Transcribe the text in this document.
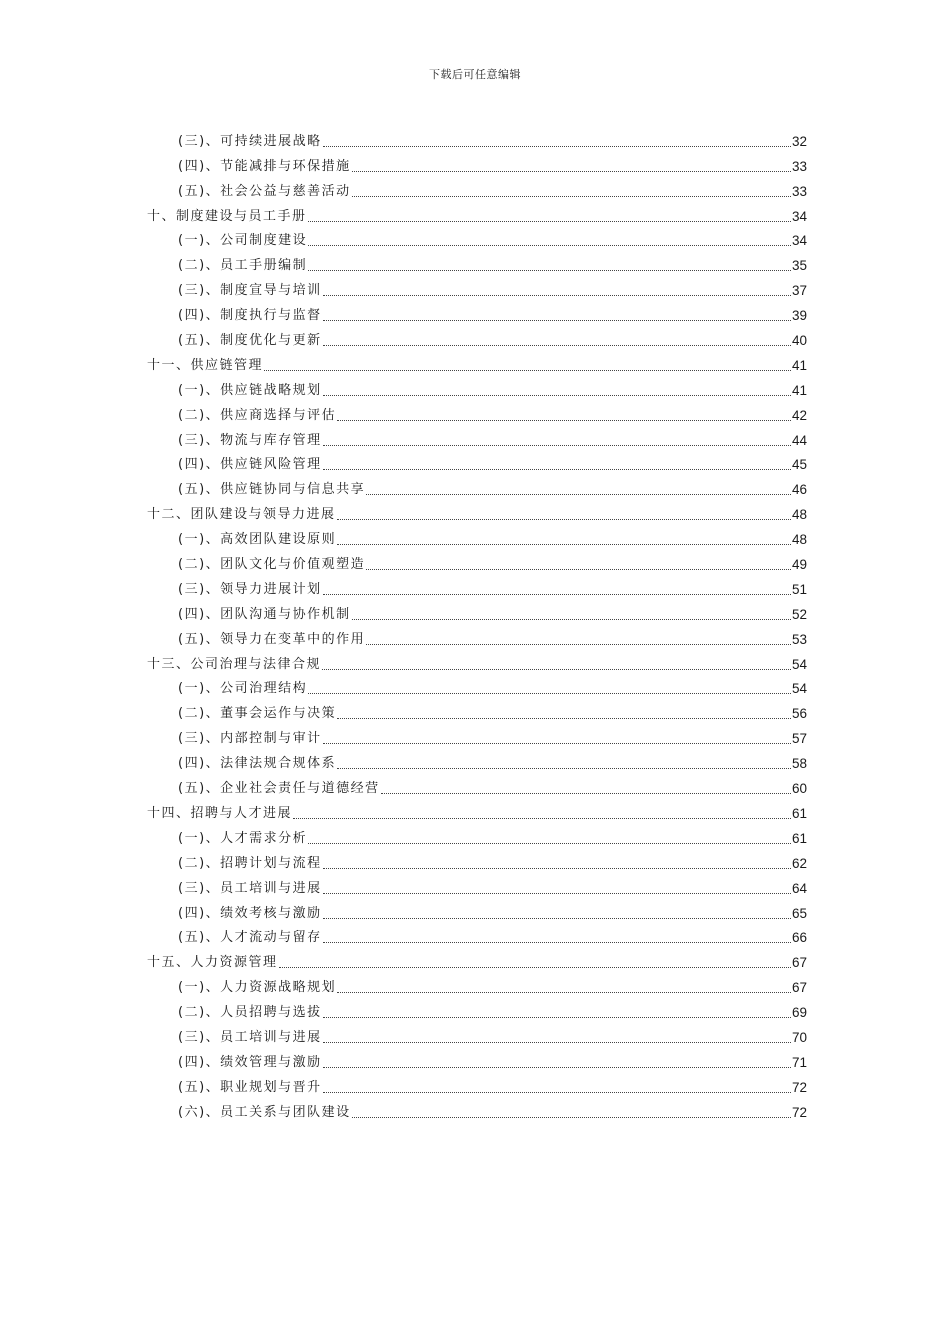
下载后可任意编辑
(三)、可持续进展战略	32
(四)、节能减排与环保措施	33
(五)、社会公益与慈善活动	33
十、制度建设与员工手册	34
(一)、公司制度建设	34
(二)、员工手册编制	35
(三)、制度宣导与培训	37
(四)、制度执行与监督	39
(五)、制度优化与更新	40
十一、供应链管理	41
(一)、供应链战略规划	41
(二)、供应商选择与评估	42
(三)、物流与库存管理	44
(四)、供应链风险管理	45
(五)、供应链协同与信息共享	46
十二、团队建设与领导力进展	48
(一)、高效团队建设原则	48
(二)、团队文化与价值观塑造	49
(三)、领导力进展计划	51
(四)、团队沟通与协作机制	52
(五)、领导力在变革中的作用	53
十三、公司治理与法律合规	54
(一)、公司治理结构	54
(二)、董事会运作与决策	56
(三)、内部控制与审计	57
(四)、法律法规合规体系	58
(五)、企业社会责任与道德经营	60
十四、招聘与人才进展	61
(一)、人才需求分析	61
(二)、招聘计划与流程	62
(三)、员工培训与进展	64
(四)、绩效考核与激励	65
(五)、人才流动与留存	66
十五、人力资源管理	67
(一)、人力资源战略规划	67
(二)、人员招聘与选拔	69
(三)、员工培训与进展	70
(四)、绩效管理与激励	71
(五)、职业规划与晋升	72
(六)、员工关系与团队建设	72
